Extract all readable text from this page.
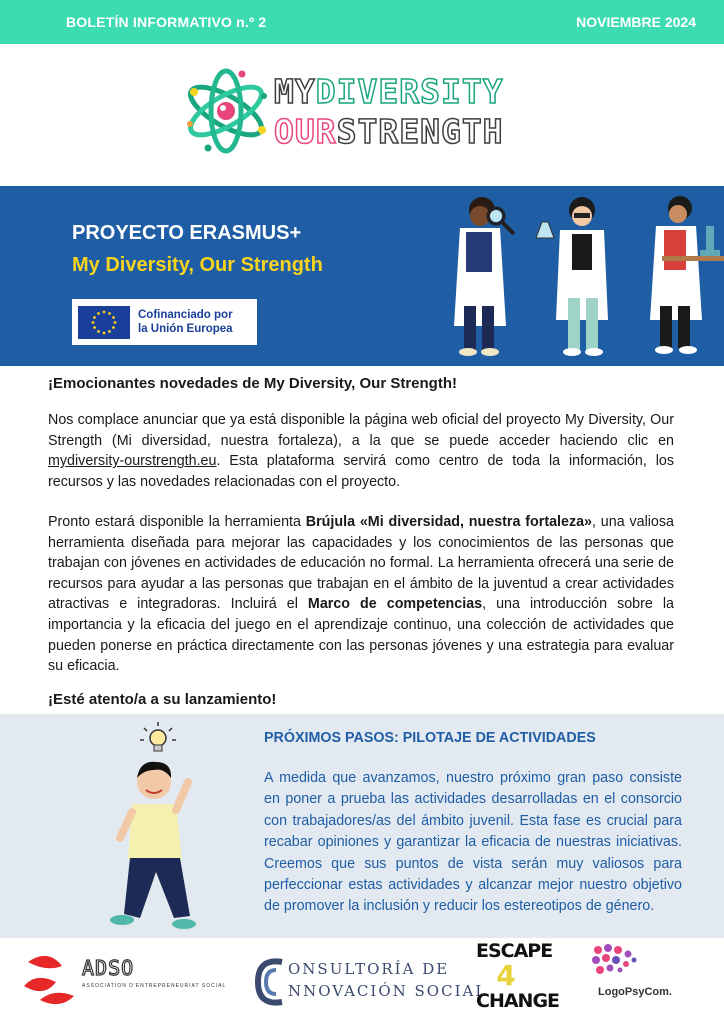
BOLETÍN INFORMATIVO n.º 2	NOVIEMBRE 2024
MYDIVERSITY
OURSTRENGTH
PROYECTO ERASMUS+
My Diversity, Our Strength
Cofinanciado por
la Unión Europea
¡Emocionantes novedades de My Diversity, Our Strength!
Nos complace anunciar que ya está disponible la página web oficial del proyecto My Diversity, Our Strength (Mi diversidad, nuestra fortaleza), a la que se puede acceder haciendo clic en mydiversity-ourstrength.eu. Esta plataforma servirá como centro de toda la información, los recursos y las novedades relacionadas con el proyecto.
Pronto estará disponible la herramienta Brújula «Mi diversidad, nuestra fortaleza», una valiosa herramienta diseñada para mejorar las capacidades y los conocimientos de las personas que trabajan con jóvenes en actividades de educación no formal. La herramienta ofrecerá una serie de recursos para ayudar a las personas que trabajan en el ámbito de la juventud a crear actividades atractivas e integradoras. Incluirá el Marco de competencias, una introducción sobre la importancia y la eficacia del juego en el aprendizaje continuo, una colección de actividades que pueden ponerse en práctica directamente con las personas jóvenes y una estrategia para evaluar su eficacia.
¡Esté atento/a a su lanzamiento!
PRÓXIMOS PASOS: PILOTAJE DE ACTIVIDADES
A medida que avanzamos, nuestro próximo gran paso consiste en poner a prueba las actividades desarrolladas en el consorcio con trabajadores/as del ámbito juvenil. Esta fase es crucial para recabar opiniones y garantizar la eficacia de nuestras iniciativas. Creemos que sus puntos de vista serán muy valiosos para perfeccionar estas actividades y alcanzar mejor nuestro objetivo de promover la inclusión y reducir los estereotipos de género.
ADSO
ASSOCIATION D'ENTREPRENEURIAT SOCIAL
ONSULTORÍA DE
NNOVACIÓN SOCIAL
ESCAPE
4
CHANGE	LogoPsyCom.
